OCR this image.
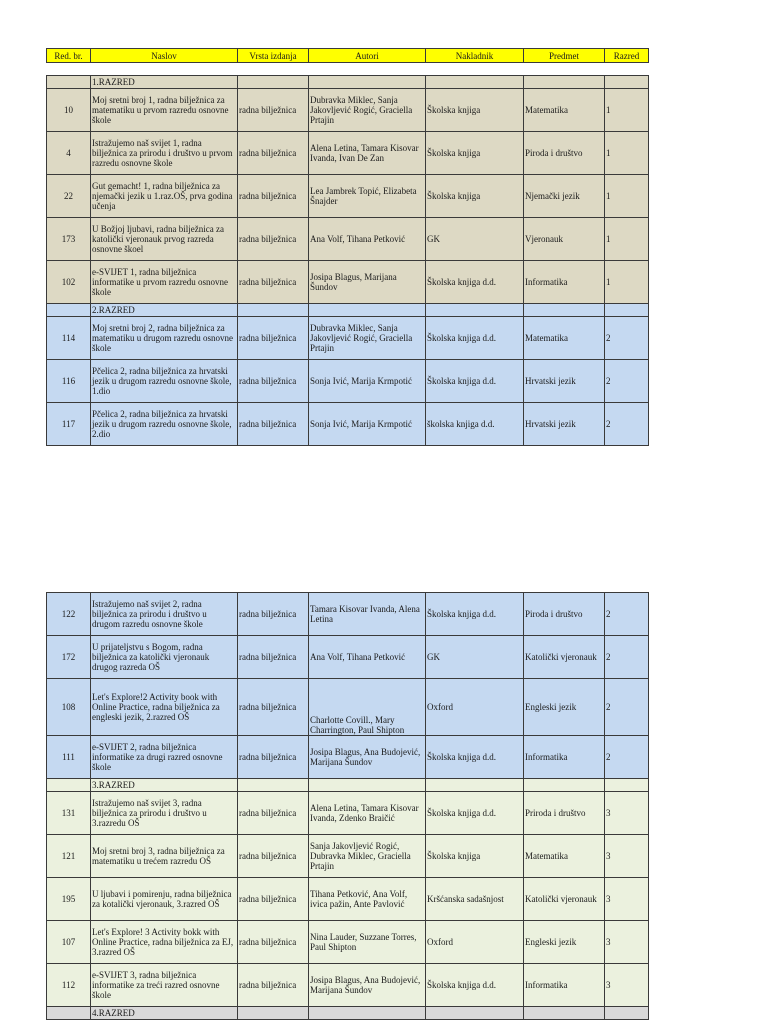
Red. br.	Naslov	Vrsta izdanja	Autori	Nakladnik	Predmet	Razred

	1.RAZRED					
10	Moj sretni broj 1, radna bilježnica za matematiku u prvom razredu osnovne škole	radna bilježnica	Dubravka Miklec, Sanja Jakovljević Rogić, Graciella Prtajin	Školska knjiga	Matematika	1
4	Istražujemo naš svijet 1, radna bilježnica za prirodu i društvo u prvom razredu osnovne škole	radna bilježnica	Alena Letina, Tamara Kisovar Ivanda, Ivan De Zan	Školska knjiga	Piroda i društvo	1
22	Gut gemacht! 1, radna bilježnica za njemački jezik u 1.raz.OŠ, prva godina učenja	radna bilježnica	Lea Jambrek Topić, Elizabeta Šnajder	Školska knjiga	Njemački jezik	1
173	U Božjoj ljubavi, radna bilježnica za katolički vjeronauk prvog razreda osnovne škoel	radna bilježnica	Ana Volf, Tihana Petković	GK	Vjeronauk	1
102	e-SVIJET 1, radna bilježnica informatike u prvom razredu osnovne škole	radna bilježnica	Josipa Blagus, Marijana Šundov	Školska knjiga d.d.	Informatika	1
	2.RAZRED					
114	Moj sretni broj 2, radna bilježnica za matematiku u drugom razredu osnovne škole	radna bilježnica	Dubravka Miklec, Sanja Jakovljević Rogić, Graciella Prtajin	Školska knjiga d.d.	Matematika	2
116	Pčelica 2, radna bilježnica za hrvatski jezik u drugom razredu osnovne škole, 1.dio	radna bilježnica	Sonja Ivić, Marija Krmpotić	Školska knjiga d.d.	Hrvatski jezik	2
117	Pčelica 2, radna bilježnica za hrvatski jezik u drugom razredu osnovne škole, 2.dio	radna bilježnica	Sonja Ivić, Marija Krmpotić	školska knjiga d.d.	Hrvatski jezik	2
122	Istražujemo naš svijet 2, radna bilježnica za prirodu i društvo u drugom razredu osnovne škole	radna bilježnica	Tamara Kisovar Ivanda, Alena Letina	Školska knjiga d.d.	Piroda i društvo	2
172	U prijateljstvu s Bogom, radna bilježnica za katolički vjeronauk drugog razreda OŠ	radna bilježnica	Ana Volf, Tihana Petković	GK	Katolički vjeronauk	2
108	Let's Explore!2 Activity book with Online Practice, radna bilježnica za engleski jezik, 2.razred OŠ	radna bilježnica	Charlotte Covill., Mary Charrington, Paul Shipton	Oxford	Engleski jezik	2
111	e-SVIJET 2, radna bilježnica informatike za drugi razred osnovne škole	radna bilježnica	Josipa Blagus, Ana Budojević, Marijana Šundov	Školska knjiga d.d.	Informatika	2
	3.RAZRED					
131	Istražujemo naš svijet 3, radna bilježnica za prirodu i društvo u 3.razredu OŠ	radna bilježnica	Alena Letina, Tamara Kisovar Ivanda, Zdenko Braičić	Školska knjiga d.d.	Priroda i društvo	3
121	Moj sretni broj 3, radna bilježnica za matematiku u trećem razredu OŠ	radna bilježnica	Sanja Jakovljević Rogić, Dubravka Miklec, Graciella Prtajin	Školska knjiga	Matematika	3
195	U ljubavi i pomirenju, radna bilježnica za kotalički vjeronauk, 3.razred OŠ	radna bilježnica	Tihana Petković, Ana Volf, ivica pažin, Ante Pavlović	Kršćanska sadašnjost	Katolički vjeronauk	3
107	Let's Explore! 3 Activity bokk with Online Practice, radna bilježnica za EJ, 3.razred OŠ	radna bilježnica	Nina Lauder, Suzzane Torres, Paul Shipton	Oxford	Engleski jezik	3
112	e-SVIJET 3, radna bilježnica informatike za treći razred osnovne škole	radna bilježnica	Josipa Blagus, Ana Budojević, Marijana Šundov	Školska knjiga d.d.	Informatika	3
	4.RAZRED					
